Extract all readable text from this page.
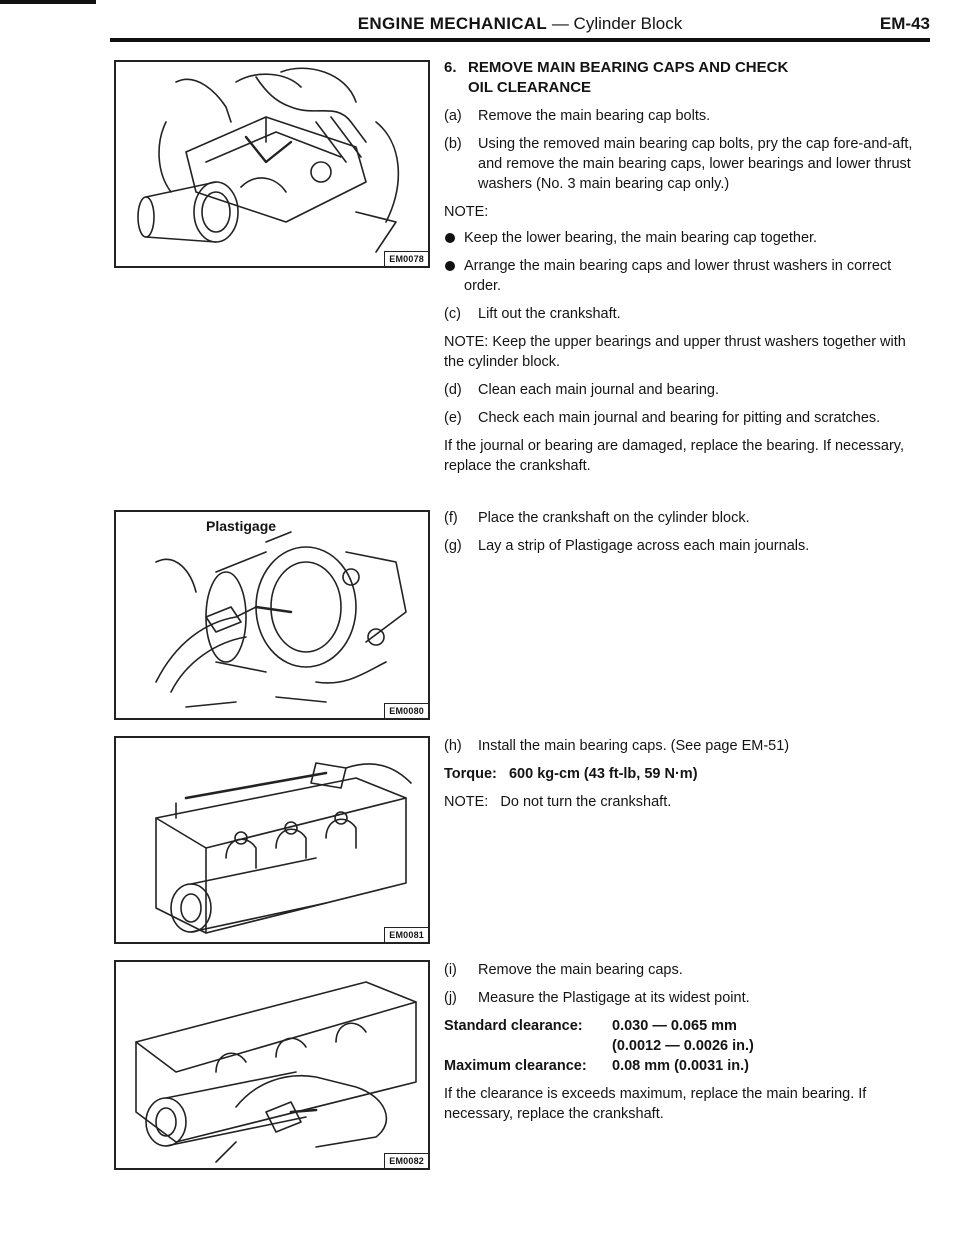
ENGINE MECHANICAL — Cylinder Block	EM-43
EM0078
Plastigage
EM0080
EM0081
EM0082
6. REMOVE MAIN BEARING CAPS AND CHECK
OIL CLEARANCE
(a) Remove the main bearing cap bolts.
(b) Using the removed main bearing cap bolts, pry the cap fore-and-aft, and remove the main bearing caps, lower bearings and lower thrust washers (No. 3 main bearing cap only.)
NOTE:
Keep the lower bearing, the main bearing cap together.
Arrange the main bearing caps and lower thrust washers in correct order.
(c) Lift out the crankshaft.
NOTE: Keep the upper bearings and upper thrust washers together with the cylinder block.
(d) Clean each main journal and bearing.
(e) Check each main journal and bearing for pitting and scratches.
If the journal or bearing are damaged, replace the bearing. If necessary, replace the crankshaft.
(f) Place the crankshaft on the cylinder block.
(g) Lay a strip of Plastigage across each main journals.
(h) Install the main bearing caps. (See page EM-51)
Torque:   600 kg-cm (43 ft-lb, 59 N·m)
NOTE:   Do not turn the crankshaft.
(i) Remove the main bearing caps.
(j) Measure the Plastigage at its widest point.
Standard clearance:	0.030 — 0.065 mm
(0.0012 — 0.0026 in.)
Maximum clearance:	0.08 mm (0.0031 in.)
If the clearance is exceeds maximum, replace the main bearing. If necessary, replace the crankshaft.
